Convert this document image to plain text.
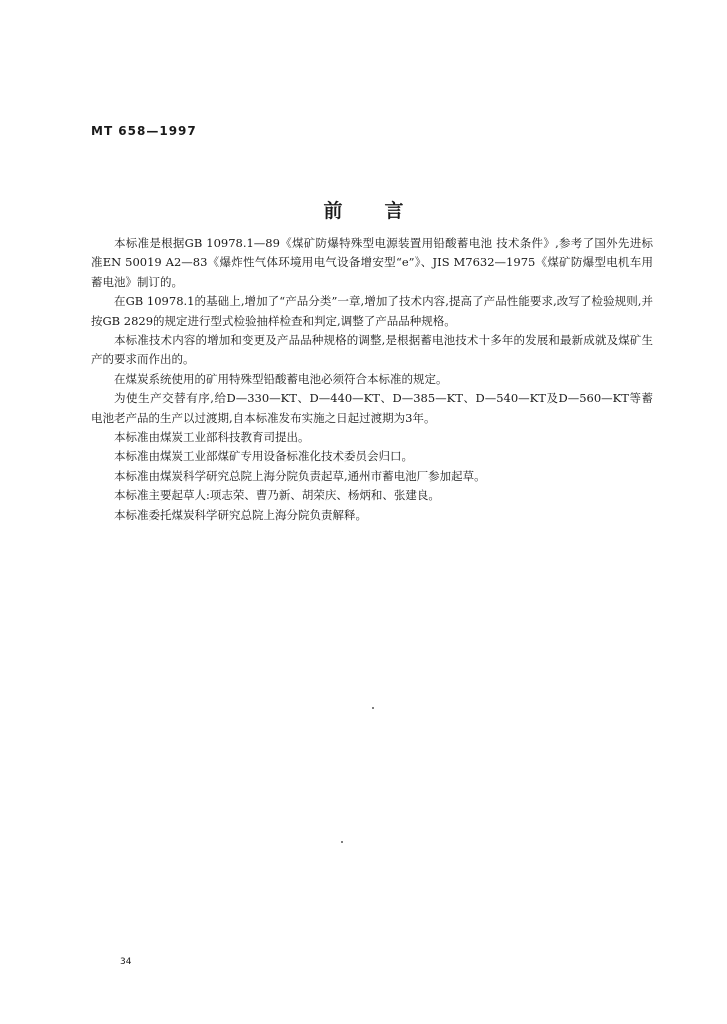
MT 658—1997
前言

本标准是根据GB 10978.1—89《煤矿防爆特殊型电源装置用铅酸蓄电池 技术条件》,参考了国外先进标准EN 50019 A2—83《爆炸性气体环境用电气设备增安型“e”》、JIS M7632—1975《煤矿防爆型电机车用蓄电池》制订的。

在GB 10978.1的基础上,增加了“产品分类”一章,增加了技术内容,提高了产品性能要求,改写了检验规则,并按GB 2829的规定进行型式检验抽样检查和判定,调整了产品品种规格。

本标准技术内容的增加和变更及产品品种规格的调整,是根据蓄电池技术十多年的发展和最新成就及煤矿生产的要求而作出的。

在煤炭系统使用的矿用特殊型铅酸蓄电池必须符合本标准的规定。

为使生产交替有序,给D—330—KT、D—440—KT、D—385—KT、D—540—KT及D—560—KT等蓄电池老产品的生产以过渡期,自本标准发布实施之日起过渡期为3年。

本标准由煤炭工业部科技教育司提出。

本标准由煤炭工业部煤矿专用设备标准化技术委员会归口。

本标准由煤炭科学研究总院上海分院负责起草,通州市蓄电池厂参加起草。

本标准主要起草人:项志荣、曹乃新、胡荣庆、杨炳和、张建良。

本标准委托煤炭科学研究总院上海分院负责解释。

34
